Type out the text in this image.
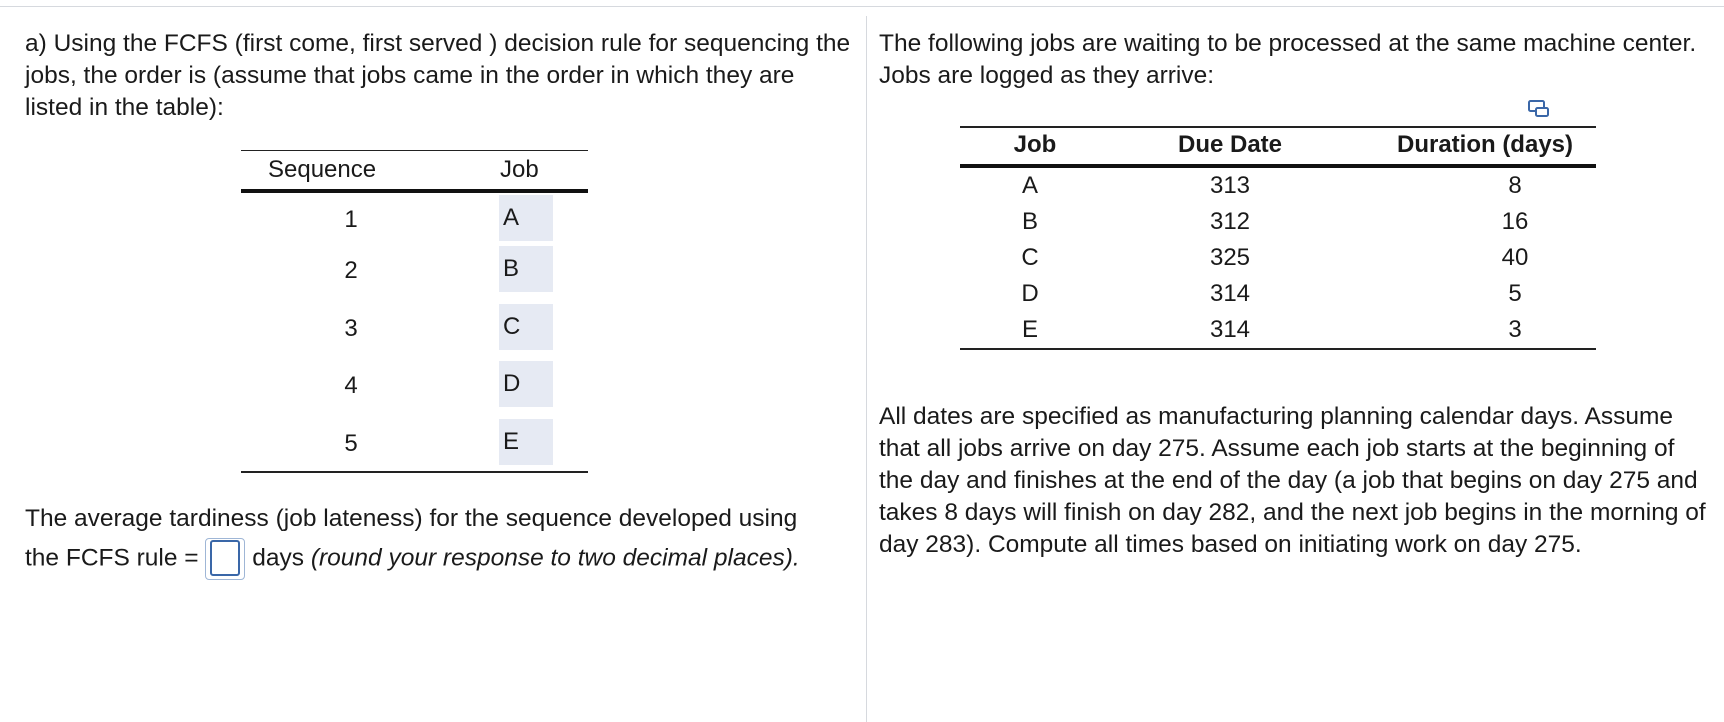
a) Using the FCFS (first come, first served ) decision rule for sequencing the jobs, the order is (assume that jobs came in the order in which they are listed in the table):

Sequence	Job
1	A
2	B
3	C
4	D
5	E
The average tardiness (job lateness) for the sequence developed using
the FCFS rule = days (round your response to two decimal places).

The following jobs are waiting to be processed at the same machine center. Jobs are logged as they arrive:

Job	Due Date	Duration (days)
A	313	8
B	312	16
C	325	40
D	314	5
E	314	3

All dates are specified as manufacturing planning calendar days. Assume that all jobs arrive on day 275. Assume each job starts at the beginning of the day and finishes at the end of the day (a job that begins on day 275 and takes 8 days will finish on day 282, and the next job begins in the morning of day 283). Compute all times based on initiating work on day 275.
